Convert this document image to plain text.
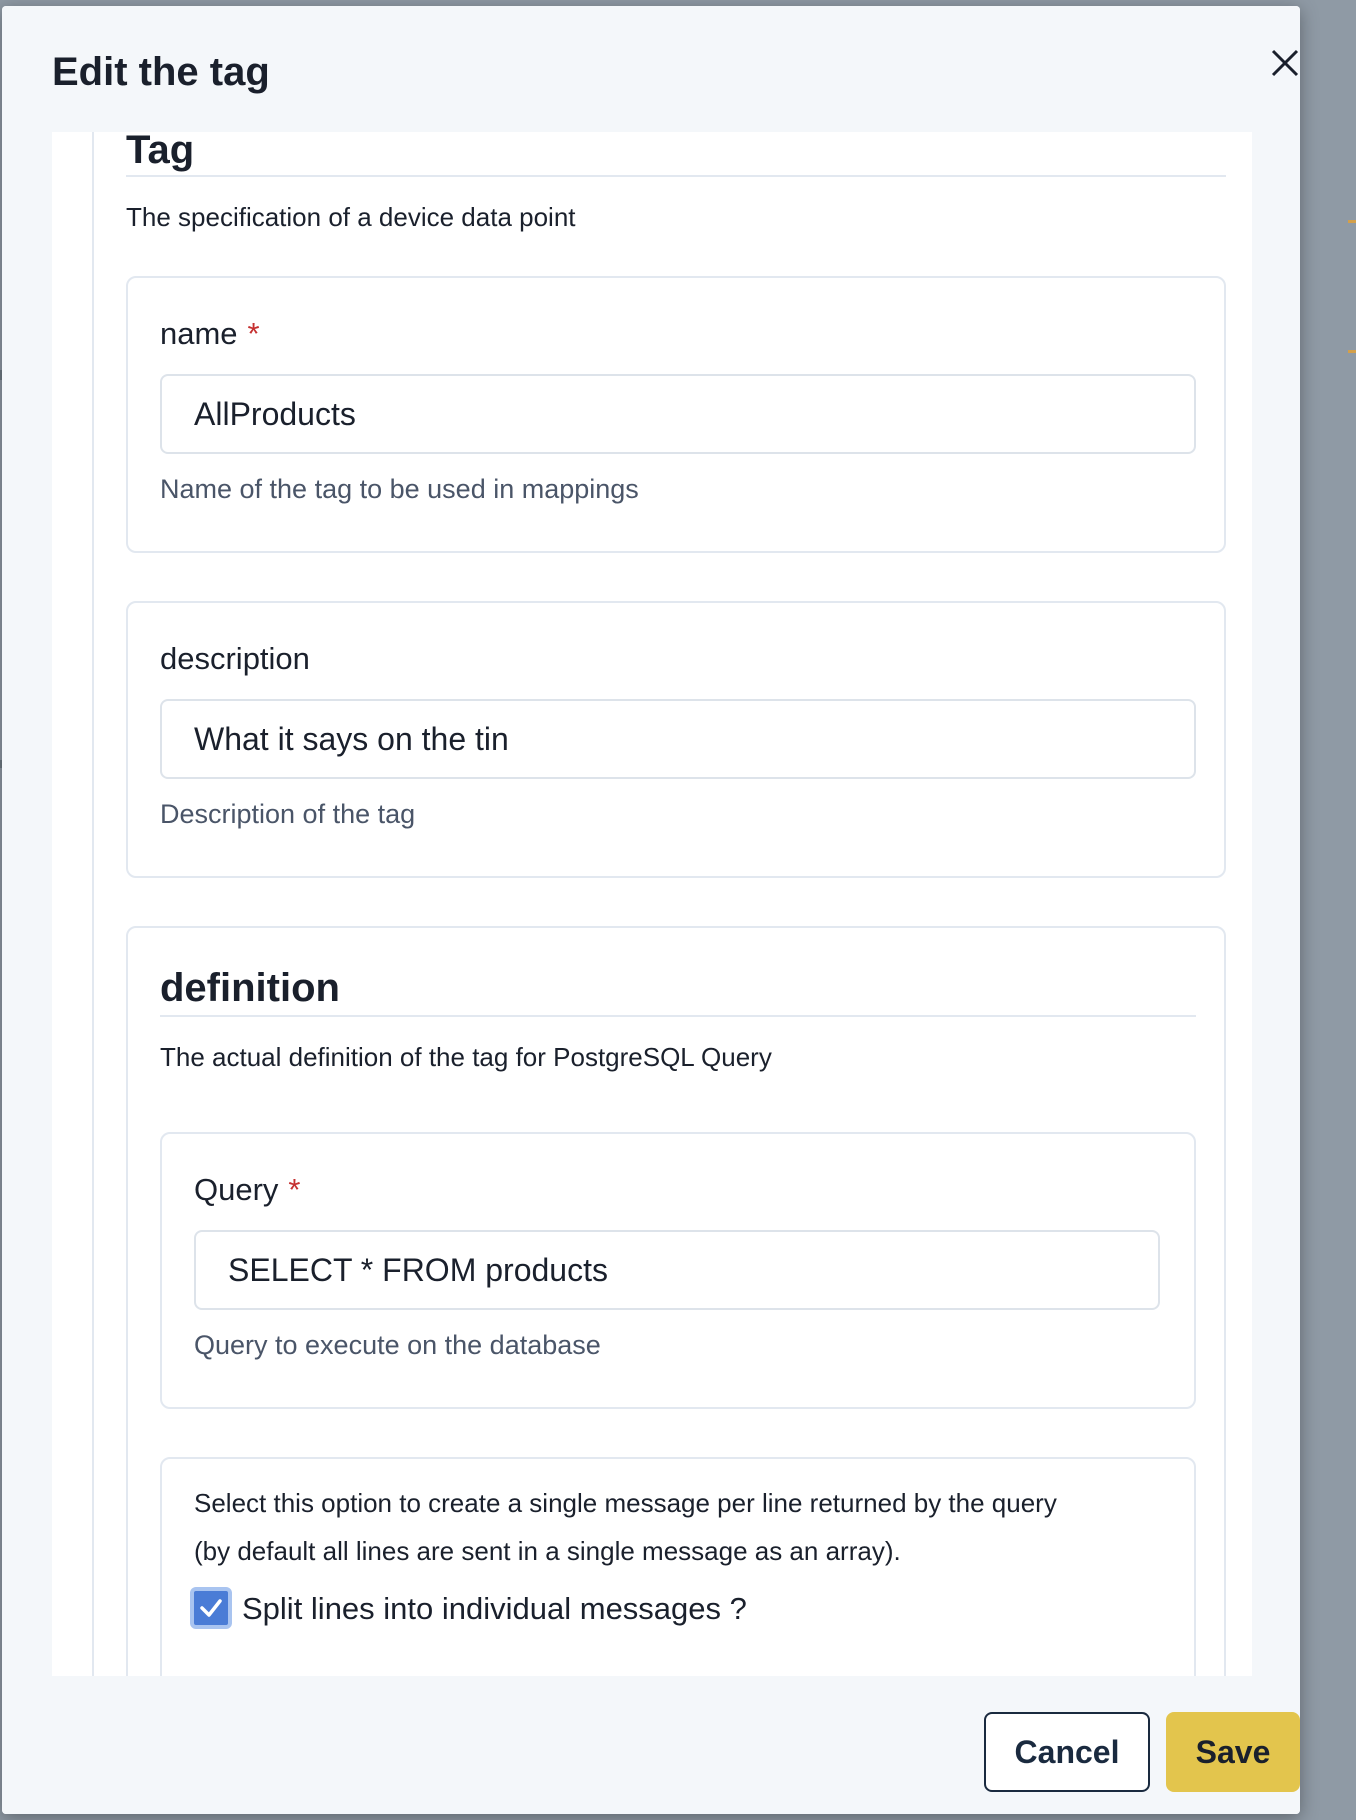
Edit the tag
Tag
The specification of a device data point
name *
AllProducts
Name of the tag to be used in mappings
description
What it says on the tin
Description of the tag
definition
The actual definition of the tag for PostgreSQL Query
Query *
SELECT * FROM products
Query to execute on the database
Select this option to create a single message per line returned by the query
(by default all lines are sent in a single message as an array).
Split lines into individual messages ?
Cancel	Save
